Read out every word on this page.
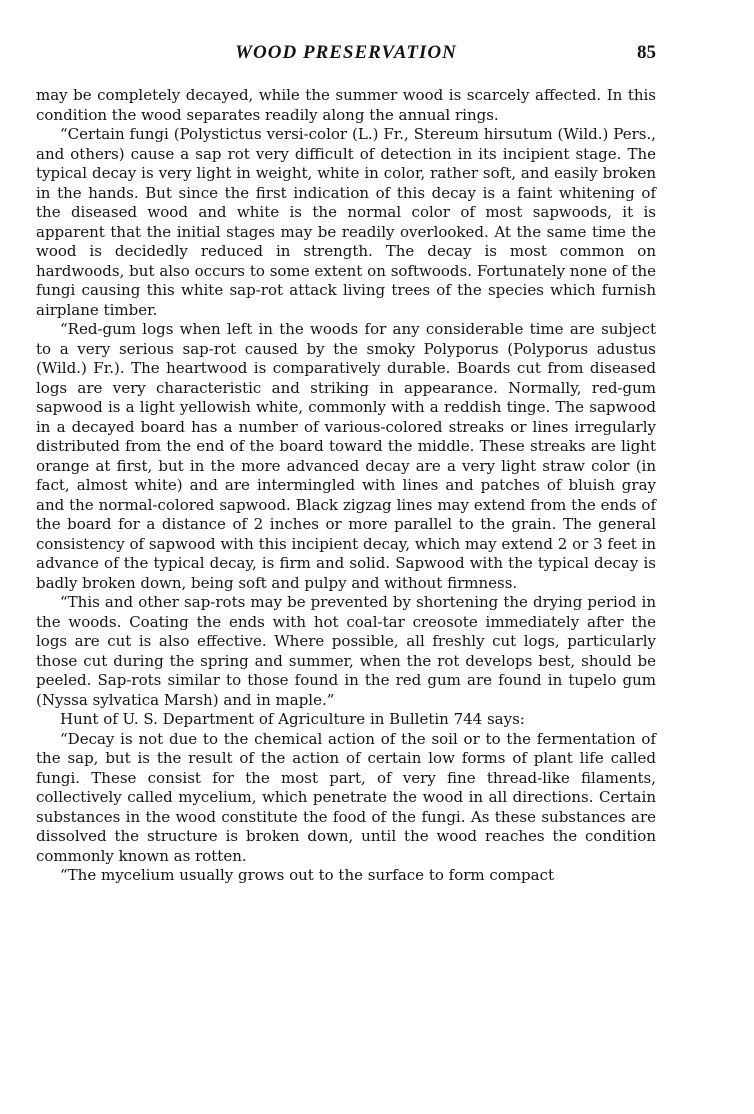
WOOD PRESERVATION	85

may be completely decayed, while the summer wood is scarcely affected. In this condition the wood separates readily along the annual rings.

“Certain fungi (Polystictus versi-color (L.) Fr., Stereum hirsutum (Wild.) Pers., and others) cause a sap rot very difficult of detection in its incipient stage. The typical decay is very light in weight, white in color, rather soft, and easily broken in the hands. But since the first indication of this decay is a faint whitening of the diseased wood and white is the normal color of most sapwoods, it is apparent that the initial stages may be readily overlooked. At the same time the wood is decidedly reduced in strength. The decay is most common on hardwoods, but also occurs to some extent on softwoods. Fortunately none of the fungi causing this white sap-rot attack living trees of the species which furnish airplane timber.

“Red-gum logs when left in the woods for any considerable time are subject to a very serious sap-rot caused by the smoky Polyporus (Polyporus adustus (Wild.) Fr.). The heartwood is comparatively durable. Boards cut from diseased logs are very characteristic and striking in appearance. Normally, red-gum sapwood is a light yellowish white, commonly with a reddish tinge. The sapwood in a decayed board has a number of various-colored streaks or lines irregularly distributed from the end of the board toward the middle. These streaks are light orange at first, but in the more advanced decay are a very light straw color (in fact, almost white) and are intermingled with lines and patches of bluish gray and the normal-colored sapwood. Black zigzag lines may extend from the ends of the board for a distance of 2 inches or more parallel to the grain. The general consistency of sapwood with this incipient decay, which may extend 2 or 3 feet in advance of the typical decay, is firm and solid. Sapwood with the typical decay is badly broken down, being soft and pulpy and without firmness.

“This and other sap-rots may be prevented by shortening the drying period in the woods. Coating the ends with hot coal-tar creosote immediately after the logs are cut is also effective. Where possible, all freshly cut logs, particularly those cut during the spring and summer, when the rot develops best, should be peeled. Sap-rots similar to those found in the red gum are found in tupelo gum (Nyssa sylvatica Marsh) and in maple.”

Hunt of U. S. Department of Agriculture in Bulletin 744 says:

“Decay is not due to the chemical action of the soil or to the fermentation of the sap, but is the result of the action of certain low forms of plant life called fungi. These consist for the most part, of very fine thread-like filaments, collectively called mycelium, which penetrate the wood in all directions. Certain substances in the wood constitute the food of the fungi. As these substances are dissolved the structure is broken down, until the wood reaches the condition commonly known as rotten.

“The mycelium usually grows out to the surface to form compact
